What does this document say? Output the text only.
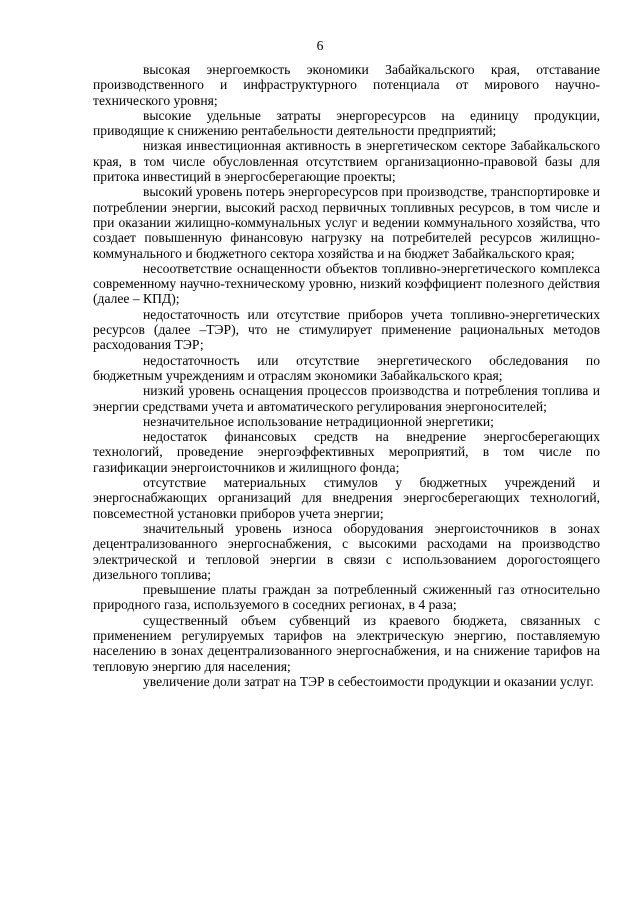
6

высокая энергоемкость экономики Забайкальского края, отставание производственного и инфраструктурного потенциала от мирового научно-технического уровня;

высокие удельные затраты энергоресурсов на единицу продукции, приводящие к снижению рентабельности деятельности предприятий;

низкая инвестиционная активность в энергетическом секторе Забайкальского края, в том числе обусловленная отсутствием организационно-правовой базы для притока инвестиций в энергосберегающие проекты;

высокий уровень потерь энергоресурсов при производстве, транспортировке и потреблении энергии, высокий расход первичных топливных ресурсов, в том числе и при оказании жилищно-коммунальных услуг и ведении коммунального хозяйства, что создает повышенную финансовую нагрузку на потребителей ресурсов жилищно-коммунального и бюджетного сектора хозяйства и на бюджет Забайкальского края;

несоответствие оснащенности объектов топливно-энергетического комплекса современному научно-техническому уровню, низкий коэффициент полезного действия (далее – КПД);

недостаточность или отсутствие приборов учета топливно-энергетических ресурсов (далее –ТЭР), что не стимулирует применение рациональных методов расходования ТЭР;

недостаточность или отсутствие энергетического обследования по бюджетным учреждениям и отраслям экономики Забайкальского края;

низкий уровень оснащения процессов производства и потребления топлива и энергии средствами учета и автоматического регулирования энергоносителей;

незначительное использование нетрадиционной энергетики;

недостаток финансовых средств на внедрение энергосберегающих технологий, проведение энергоэффективных мероприятий, в том числе по газификации энергоисточников и жилищного фонда;

отсутствие материальных стимулов у бюджетных учреждений и энергоснабжающих организаций для внедрения энергосберегающих технологий, повсеместной установки приборов учета энергии;

значительный уровень износа оборудования энергоисточников в зонах децентрализованного энергоснабжения, с высокими расходами на производство электрической и тепловой энергии в связи с использованием дорогостоящего дизельного топлива;

превышение платы граждан за потребленный сжиженный газ относительно природного газа, используемого в соседних регионах, в 4 раза;

существенный объем субвенций из краевого бюджета, связанных с применением регулируемых тарифов на электрическую энергию, поставляемую населению в зонах децентрализованного энергоснабжения, и на снижение тарифов на тепловую энергию для населения;

увеличение доли затрат на ТЭР в себестоимости продукции и оказании услуг.
